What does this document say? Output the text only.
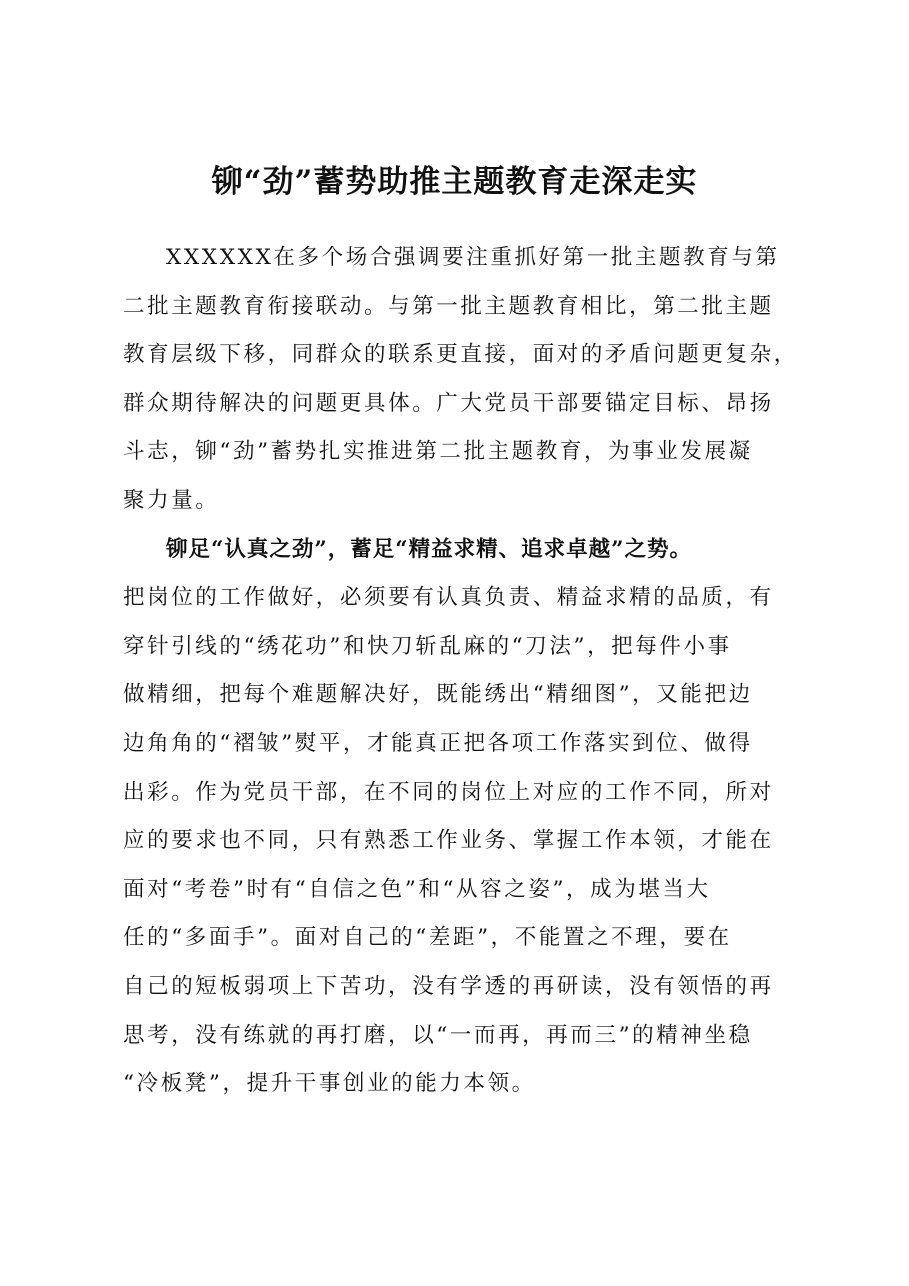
铆“劲”蓄势助推主题教育走深走实

XXXXXX在多个场合强调要注重抓好第一批主题教育与第
二批主题教育衔接联动。与第一批主题教育相比，第二批主题
教育层级下移，同群众的联系更直接，面对的矛盾问题更复杂，
群众期待解决的问题更具体。广大党员干部要锚定目标、昂扬
斗志，铆“劲”蓄势扎实推进第二批主题教育，为事业发展凝
聚力量。

铆足“认真之劲”，蓄足“精益求精、追求卓越”之势。
把岗位的工作做好，必须要有认真负责、精益求精的品质，有
穿针引线的“绣花功”和快刀斩乱麻的“刀法”，把每件小事
做精细，把每个难题解决好，既能绣出“精细图”，又能把边
边角角的“褶皱”熨平，才能真正把各项工作落实到位、做得
出彩。作为党员干部，在不同的岗位上对应的工作不同，所对
应的要求也不同，只有熟悉工作业务、掌握工作本领，才能在
面对“考卷”时有“自信之色”和“从容之姿”，成为堪当大
任的“多面手”。面对自己的“差距”，不能置之不理，要在
自己的短板弱项上下苦功，没有学透的再研读，没有领悟的再
思考，没有练就的再打磨，以“一而再，再而三”的精神坐稳
“冷板凳”，提升干事创业的能力本领。
